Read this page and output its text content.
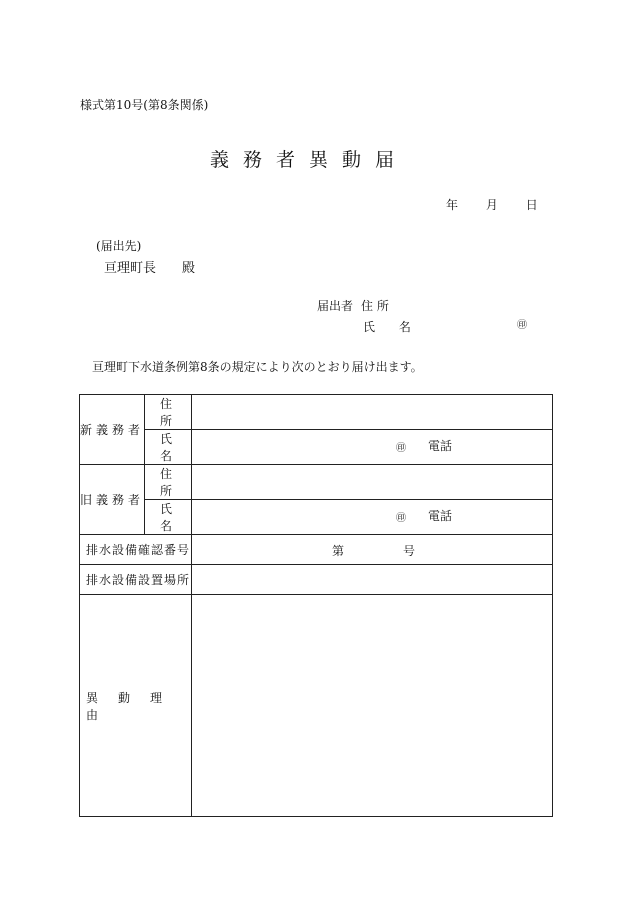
様式第10号(第8条関係)
義務者異動届
年 月 日
(届出先)
亘理町長 殿
届出者 住 所
氏 名	㊞
亘理町下水道条例第8条の規定により次のとおり届け出ます。
新義務者	住 所	
	氏 名	㊞ 電話

旧義務者	住 所	
	氏 名	㊞ 電話

排水設備確認番号		第 号

排水設備設置場所		
異 動 理由		
